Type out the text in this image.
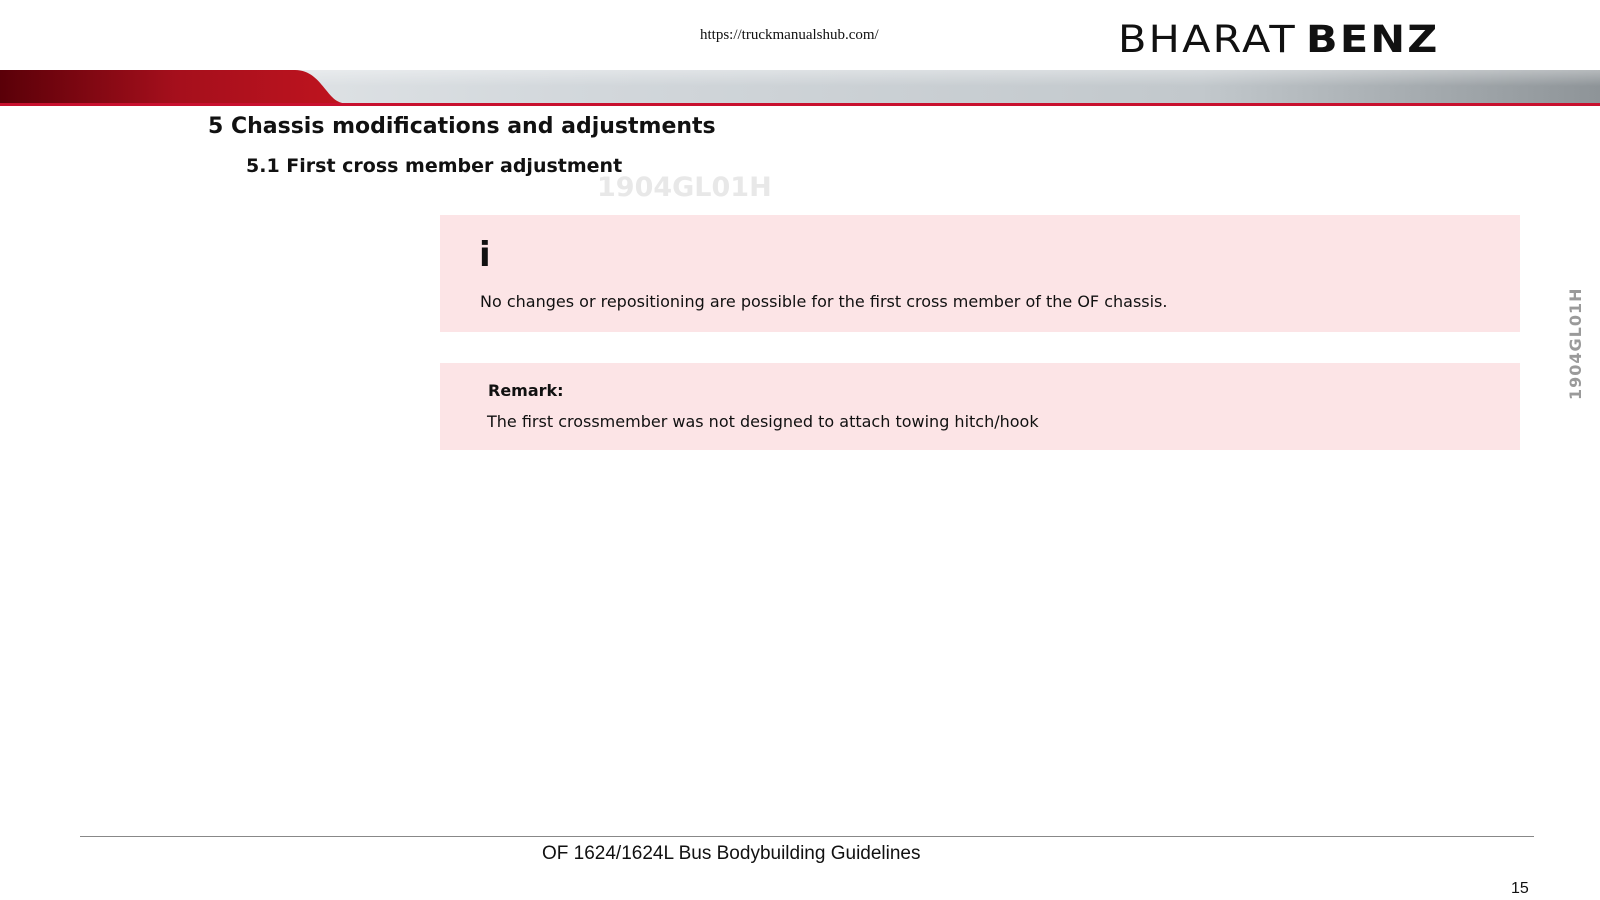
https://truckmanualshub.com/	BHARAT BENZ
5 Chassis modifications and adjustments
5.1 First cross member adjustment
1904GL01H
1904GL01H
i
No changes or repositioning are possible for the first cross member of the OF chassis.
Remark:
The first crossmember was not designed to attach towing hitch/hook
OF 1624/1624L Bus Bodybuilding Guidelines
15
